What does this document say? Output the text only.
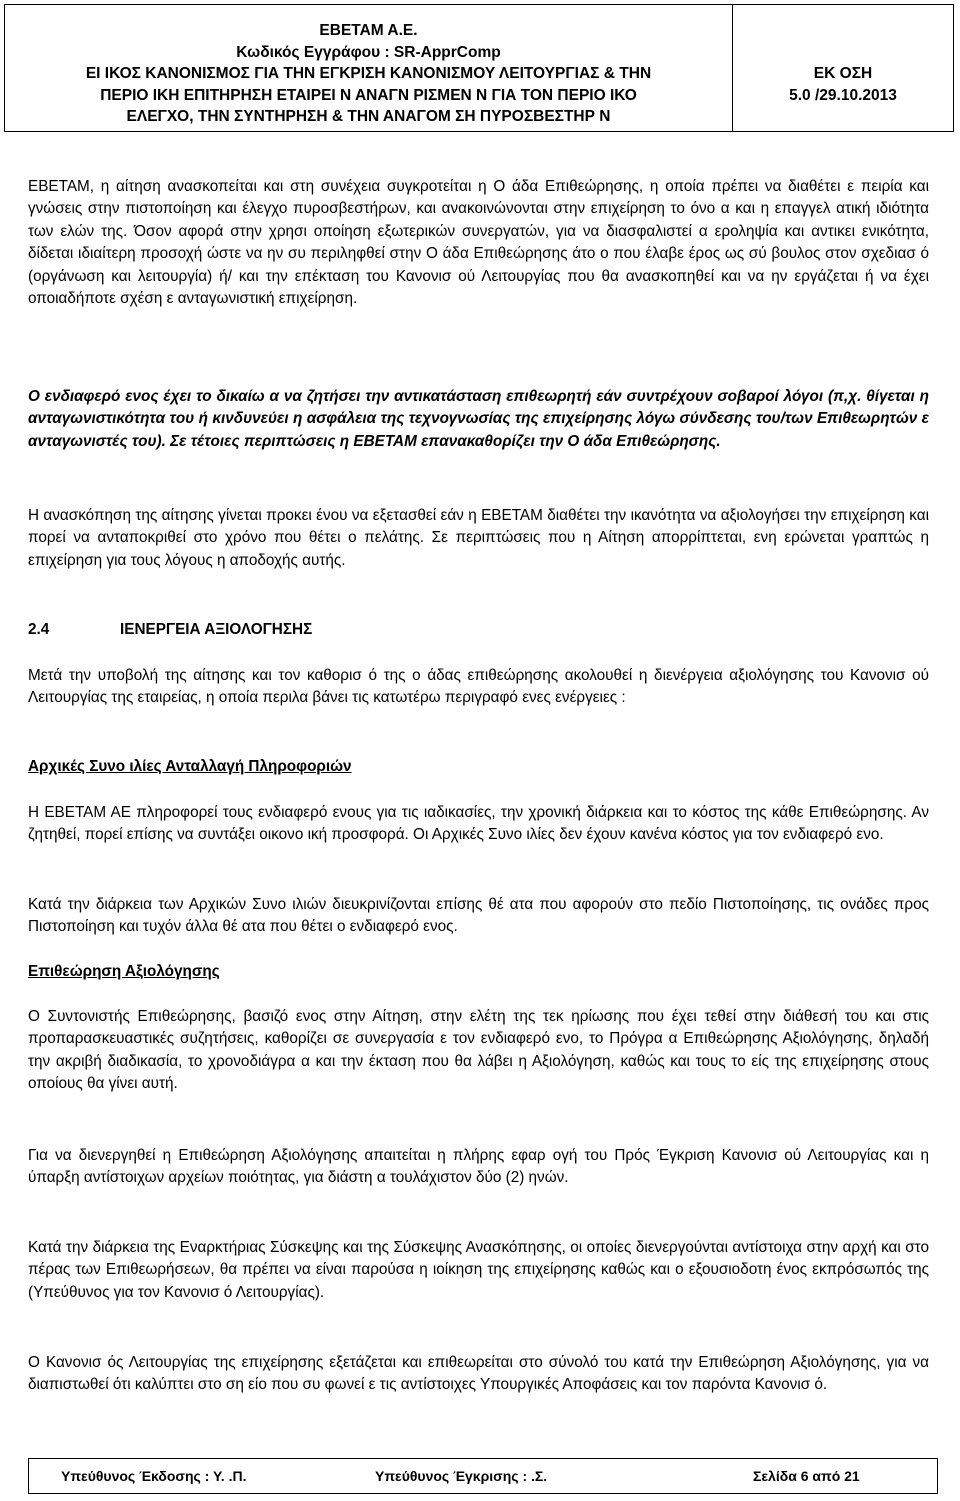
ΕΒΕΤΑΜ Α.Ε.
Κωδικός Εγγράφου : SR-ApprComp
ΕΙ ΙΚΟΣ ΚΑΝΟΝΙΣΜΟΣ ΓΙΑ ΤΗΝ ΕΓΚΡΙΣΗ ΚΑΝΟΝΙΣΜΟΥ ΛΕΙΤΟΥΡΓΙΑΣ & ΤΗΝ
ΠΕΡΙΟ ΙΚΗ ΕΠΙΤΗΡΗΣΗ ΕΤΑΙΡΕΙ Ν ΑΝΑΓΝ ΡΙΣΜΕΝ Ν ΓΙΑ ΤΟΝ ΠΕΡΙΟ ΙΚΟ
ΕΛΕΓΧΟ, ΤΗΝ ΣΥΝΤΗΡΗΣΗ & ΤΗΝ ΑΝΑΓΟΜ ΣΗ ΠΥΡΟΣΒΕΣΤΗΡ Ν
ΕΚ ΟΣΗ
5.0 /29.10.2013

ΕΒΕΤΑΜ, η αίτηση ανασκοπείται και στη συνέχεια συγκροτείται η Ο άδα Επιθεώρησης, η οποία πρέπει να διαθέτει ε πειρία και γνώσεις στην πιστοποίηση και έλεγχο πυροσβεστήρων, και ανακοινώνονται στην επιχείρηση το όνο α και η επαγγελ ατική ιδιότητα των ελών της. Όσον αφορά στην χρησι οποίηση εξωτερικών συνεργατών, για να διασφαλιστεί α εροληψία και αντικει ενικότητα, δίδεται ιδιαίτερη προσοχή ώστε να ην συ περιληφθεί στην Ο άδα Επιθεώρησης άτο ο που έλαβε έρος ως σύ βουλος στον σχεδιασ ό (οργάνωση και λειτουργία) ή/ και την επέκταση του Κανονισ ού Λειτουργίας που θα ανασκοπηθεί και να ην εργάζεται ή να έχει οποιαδήποτε σχέση ε ανταγωνιστική επιχείρηση.

Ο ενδιαφερό ενος έχει το δικαίω α να ζητήσει την αντικατάσταση επιθεωρητή εάν συντρέχουν σοβαροί λόγοι (π,χ. θίγεται η ανταγωνιστικότητα του ή κινδυνεύει η ασφάλεια της τεχνογνωσίας της επιχείρησης λόγω σύνδεσης του/των Επιθεωρητών ε ανταγωνιστές του). Σε τέτοιες περιπτώσεις η ΕΒΕΤΑΜ επανακαθορίζει την Ο άδα Επιθεώρησης.

Η ανασκόπηση της αίτησης γίνεται προκει ένου να εξετασθεί εάν η ΕΒΕΤΑΜ διαθέτει την ικανότητα να αξιολογήσει την επιχείρηση και πορεί να ανταποκριθεί στο χρόνο που θέτει ο πελάτης. Σε περιπτώσεις που η Αίτηση απορρίπτεται, ενη ερώνεται γραπτώς η επιχείρηση για τους λόγους η αποδοχής αυτής.

2.4	ΙΕΝΕΡΓΕΙΑ ΑΞΙΟΛΟΓΗΣΗΣ

Μετά την υποβολή της αίτησης και τον καθορισ ό της ο άδας επιθεώρησης ακολουθεί η διενέργεια αξιολόγησης του Κανονισ ού Λειτουργίας της εταιρείας, η οποία περιλα βάνει τις κατωτέρω περιγραφό ενες ενέργειες :

Αρχικές Συνο ιλίες Ανταλλαγή Πληροφοριών

Η ΕΒΕΤΑΜ ΑΕ πληροφορεί τους ενδιαφερό ενους για τις ιαδικασίες, την χρονική διάρκεια και το κόστος της κάθε Επιθεώρησης. Αν ζητηθεί, πορεί επίσης να συντάξει οικονο ική προσφορά. Οι Αρχικές Συνο ιλίες δεν έχουν κανένα κόστος για τον ενδιαφερό ενο.

Κατά την διάρκεια των Αρχικών Συνο ιλιών διευκρινίζονται επίσης θέ ατα που αφορούν στο πεδίο Πιστοποίησης, τις ονάδες προς Πιστοποίηση και τυχόν άλλα θέ ατα που θέτει ο ενδιαφερό ενος.

Επιθεώρηση Αξιολόγησης

Ο Συντονιστής Επιθεώρησης, βασιζό ενος στην Αίτηση, στην ελέτη της τεκ ηρίωσης που έχει τεθεί στην διάθεσή του και στις προπαρασκευαστικές συζητήσεις, καθορίζει σε συνεργασία ε τον ενδιαφερό ενο, το Πρόγρα α Επιθεώρησης Αξιολόγησης, δηλαδή την ακριβή διαδικασία, το χρονοδιάγρα α και την έκταση που θα λάβει η Αξιολόγηση, καθώς και τους το είς της επιχείρησης στους οποίους θα γίνει αυτή.

Για να διενεργηθεί η Επιθεώρηση Αξιολόγησης απαιτείται η πλήρης εφαρ ογή του Πρός Έγκριση Κανονισ ού Λειτουργίας και η ύπαρξη αντίστοιχων αρχείων ποιότητας, για διάστη α τουλάχιστον δύο (2) ηνών.

Κατά την διάρκεια της Εναρκτήριας Σύσκεψης και της Σύσκεψης Ανασκόπησης, οι οποίες διενεργούνται αντίστοιχα στην αρχή και στο πέρας των Επιθεωρήσεων, θα πρέπει να είναι παρούσα η ιοίκηση της επιχείρησης καθώς και ο εξουσιοδοτη ένος εκπρόσωπός της (Υπεύθυνος για τον Κανονισ ό Λειτουργίας).

Ο Κανονισ ός Λειτουργίας της επιχείρησης εξετάζεται και επιθεωρείται στο σύνολό του κατά την Επιθεώρηση Αξιολόγησης, για να διαπιστωθεί ότι καλύπτει στο ση είο που συ φωνεί ε τις αντίστοιχες Υπουργικές Αποφάσεις και τον παρόντα Κανονισ ό.

Υπεύθυνος Έκδοσης : Υ. .Π.	Υπεύθυνος Έγκρισης : .Σ.	Σελίδα 6 από 21
